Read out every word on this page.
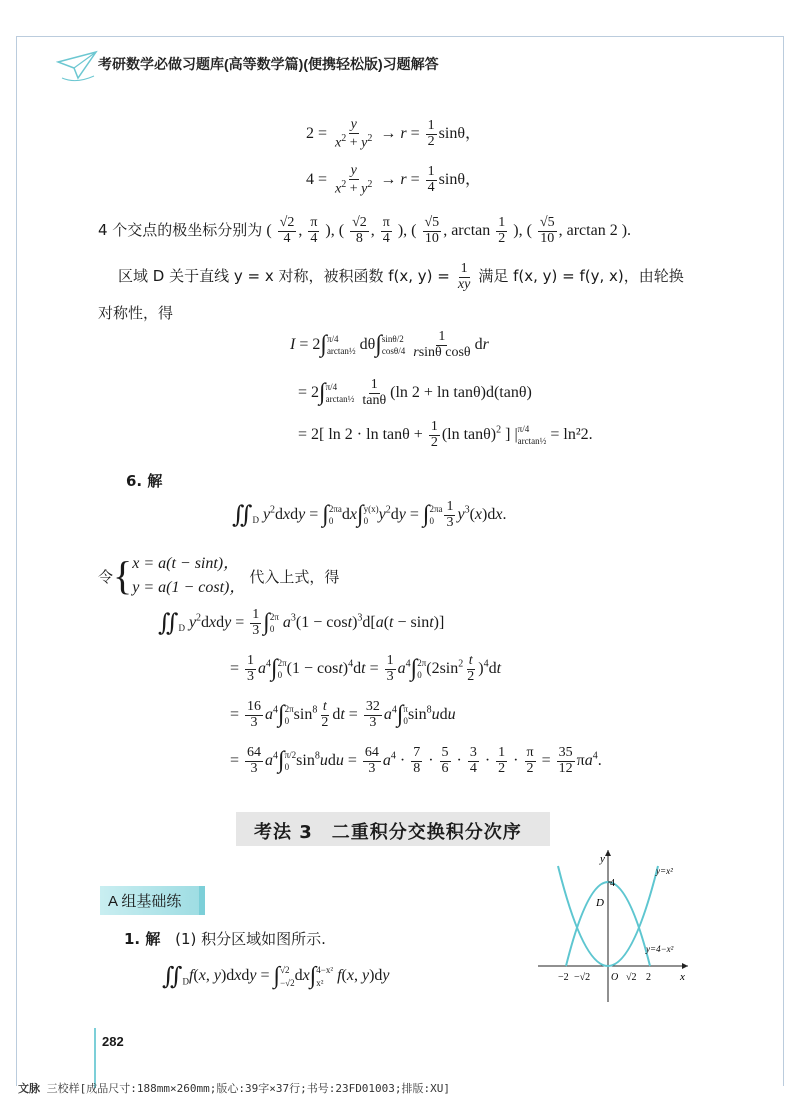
考研数学必做习题库(高等数学篇)(便携轻松版)习题解答
$2 = \frac{y}{x^2 + y^2} \to r = \frac{1}{2}$ sinθ，
$4 = \frac{y}{x^2 + y^2} \to r = \frac{1}{4}$ sinθ，
4 个交点的极坐标分别为 ( $\frac{√2}{4}$ , $\frac{\pi}{4}$ ), ( $\frac{√2}{8}$ , $\frac{\pi}{4}$ ), ( $\frac{√5}{10}$ , $\arctan \frac{1}{2}$ ), ( $\frac{√5}{10}$ , arctan 2 ).
区域 D 关于直线 y = x 对称，被积函数 f(x, $y) = \frac{1}{xy}$ 满足 f(x, y) = f(y, x)，由轮换
对称性，得
I = 2∫π/4
arctan½ dθ∫sinθ/2
$\cos\theta/4 \frac{1}{\text{rsinθ cosθ}}$ dr
= 2∫π/4
arctan½ $\frac{1}{\tan\theta} (\ln$ 2 + ln tanθ)d(tanθ)
= 2[ $\ln 2 \cdot \ln \tan\theta + \frac{1}{2} (\ln$ tanθ)$^2$ ] |π/4
arctan½ = ln²2.
6. 解
$∬_D$ $y^2dxdy = \int 2\pi a$
0 dx∫y(x)
0 $y^2dy = \int 2\pi a$
$0 \frac{1}{3} y^3(x)dx$.
令 { x = a(t − sint)，
y = a(1 − cost)，
代入上式，得
$∬_D$ $y^2dxdy = \frac{1}{3} \int 2\pi$
0 $a^3(1 - \cos t)^3d[a(t - \sin t)]$
= $\frac{1}{3} a^4\int 2\pi$
0 $(1 - \cos t)^4dt = \frac{1}{3} a^4\int 2\pi$
0 $(2\sin^2 \frac{t}{2} )^4dt$
= $\frac{16}{3} a^4\int 2\pi$
0 $\sin^8 \frac{t}{2}$ dt = $\frac{32}{3} a^4\int\pi$
$0\sin^8udu$
= $\frac{64}{3} a^4\int\pi/2$
0 $\sin^8udu = \frac{64}{3} a^4 \cdot \frac{7}{8} \cdot \frac{5}{6} \cdot \frac{3}{4} \cdot \frac{1}{2} \cdot \frac{\pi}{2} = \frac{35}{12} \pi a^4$.
考法 3　二重积分交换积分次序
A 组基础练
1. 解 (1) 积分区域如图所示.
$∬_Df(x$, y)dxdy = ∫√2
−√2dx∫4−x²
x² f(x, y)dy
y
x
4
D
O
y=x²
y=4−x²
−2 −√2	√2 2
282
文脉 三校样[成品尺寸:188mm×260mm;版心:39字×37行;书号:23FD01003;排版:XU]
